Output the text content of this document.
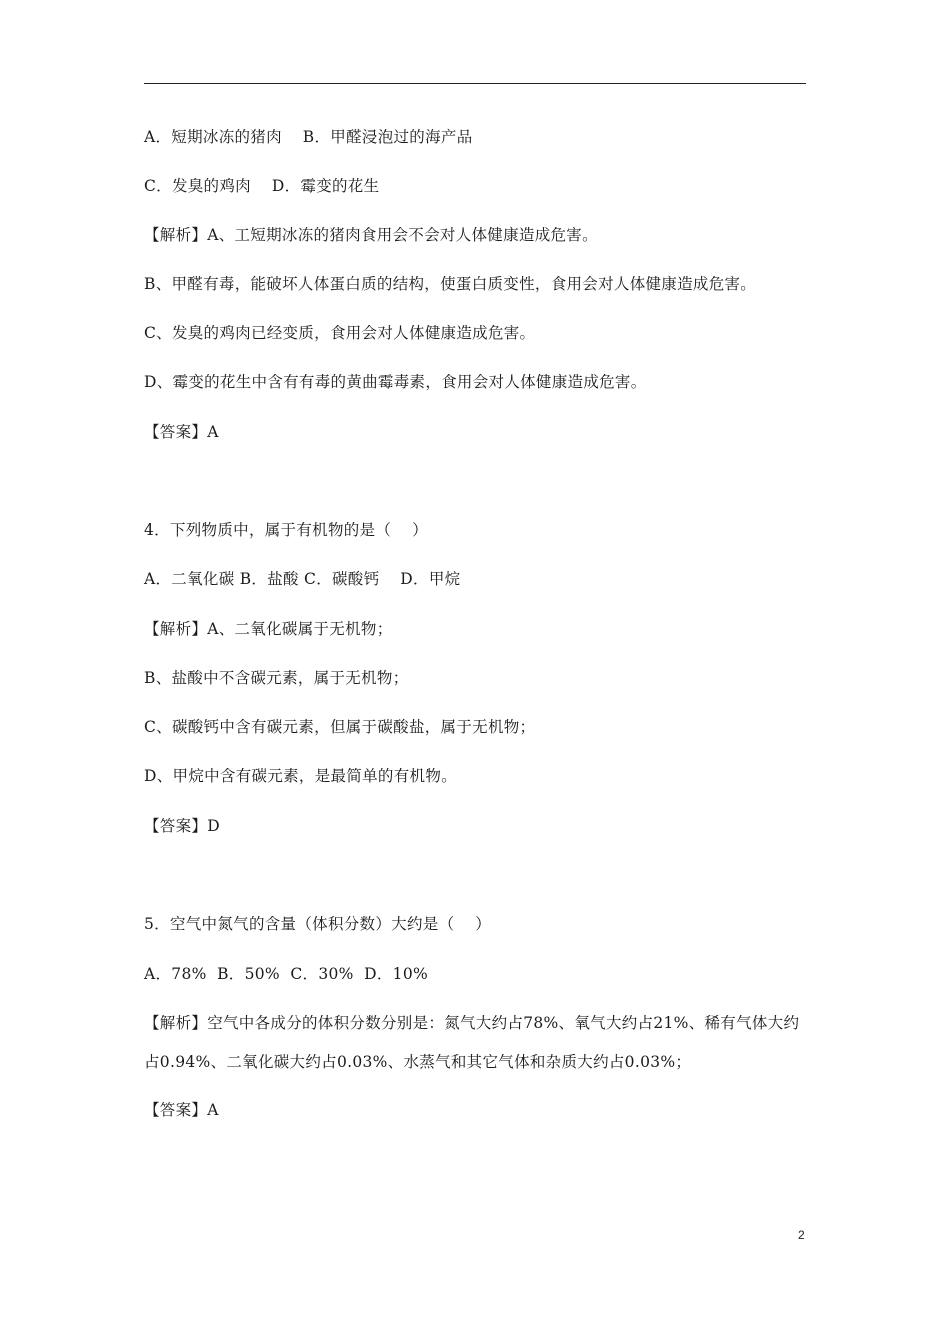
A．短期冰冻的猪肉    B．甲醛浸泡过的海产品
C．发臭的鸡肉    D．霉变的花生
【解析】A、工短期冰冻的猪肉食用会不会对人体健康造成危害。
B、甲醛有毒，能破坏人体蛋白质的结构，使蛋白质变性，食用会对人体健康造成危害。
C、发臭的鸡肉已经变质，食用会对人体健康造成危害。
D、霉变的花生中含有有毒的黄曲霉毒素，食用会对人体健康造成危害。
【答案】A
4．下列物质中，属于有机物的是（    ）
A．二氧化碳 B．盐酸 C．碳酸钙    D．甲烷
【解析】A、二氧化碳属于无机物；
B、盐酸中不含碳元素，属于无机物；
C、碳酸钙中含有碳元素，但属于碳酸盐，属于无机物；
D、甲烷中含有碳元素，是最简单的有机物。
【答案】D
5．空气中氮气的含量（体积分数）大约是（    ）
A．78%  B．50%  C．30%  D．10%
【解析】空气中各成分的体积分数分别是：氮气大约占78%、氧气大约占21%、稀有气体大约
占0.94%、二氧化碳大约占0.03%、水蒸气和其它气体和杂质大约占0.03%；
【答案】A
2
